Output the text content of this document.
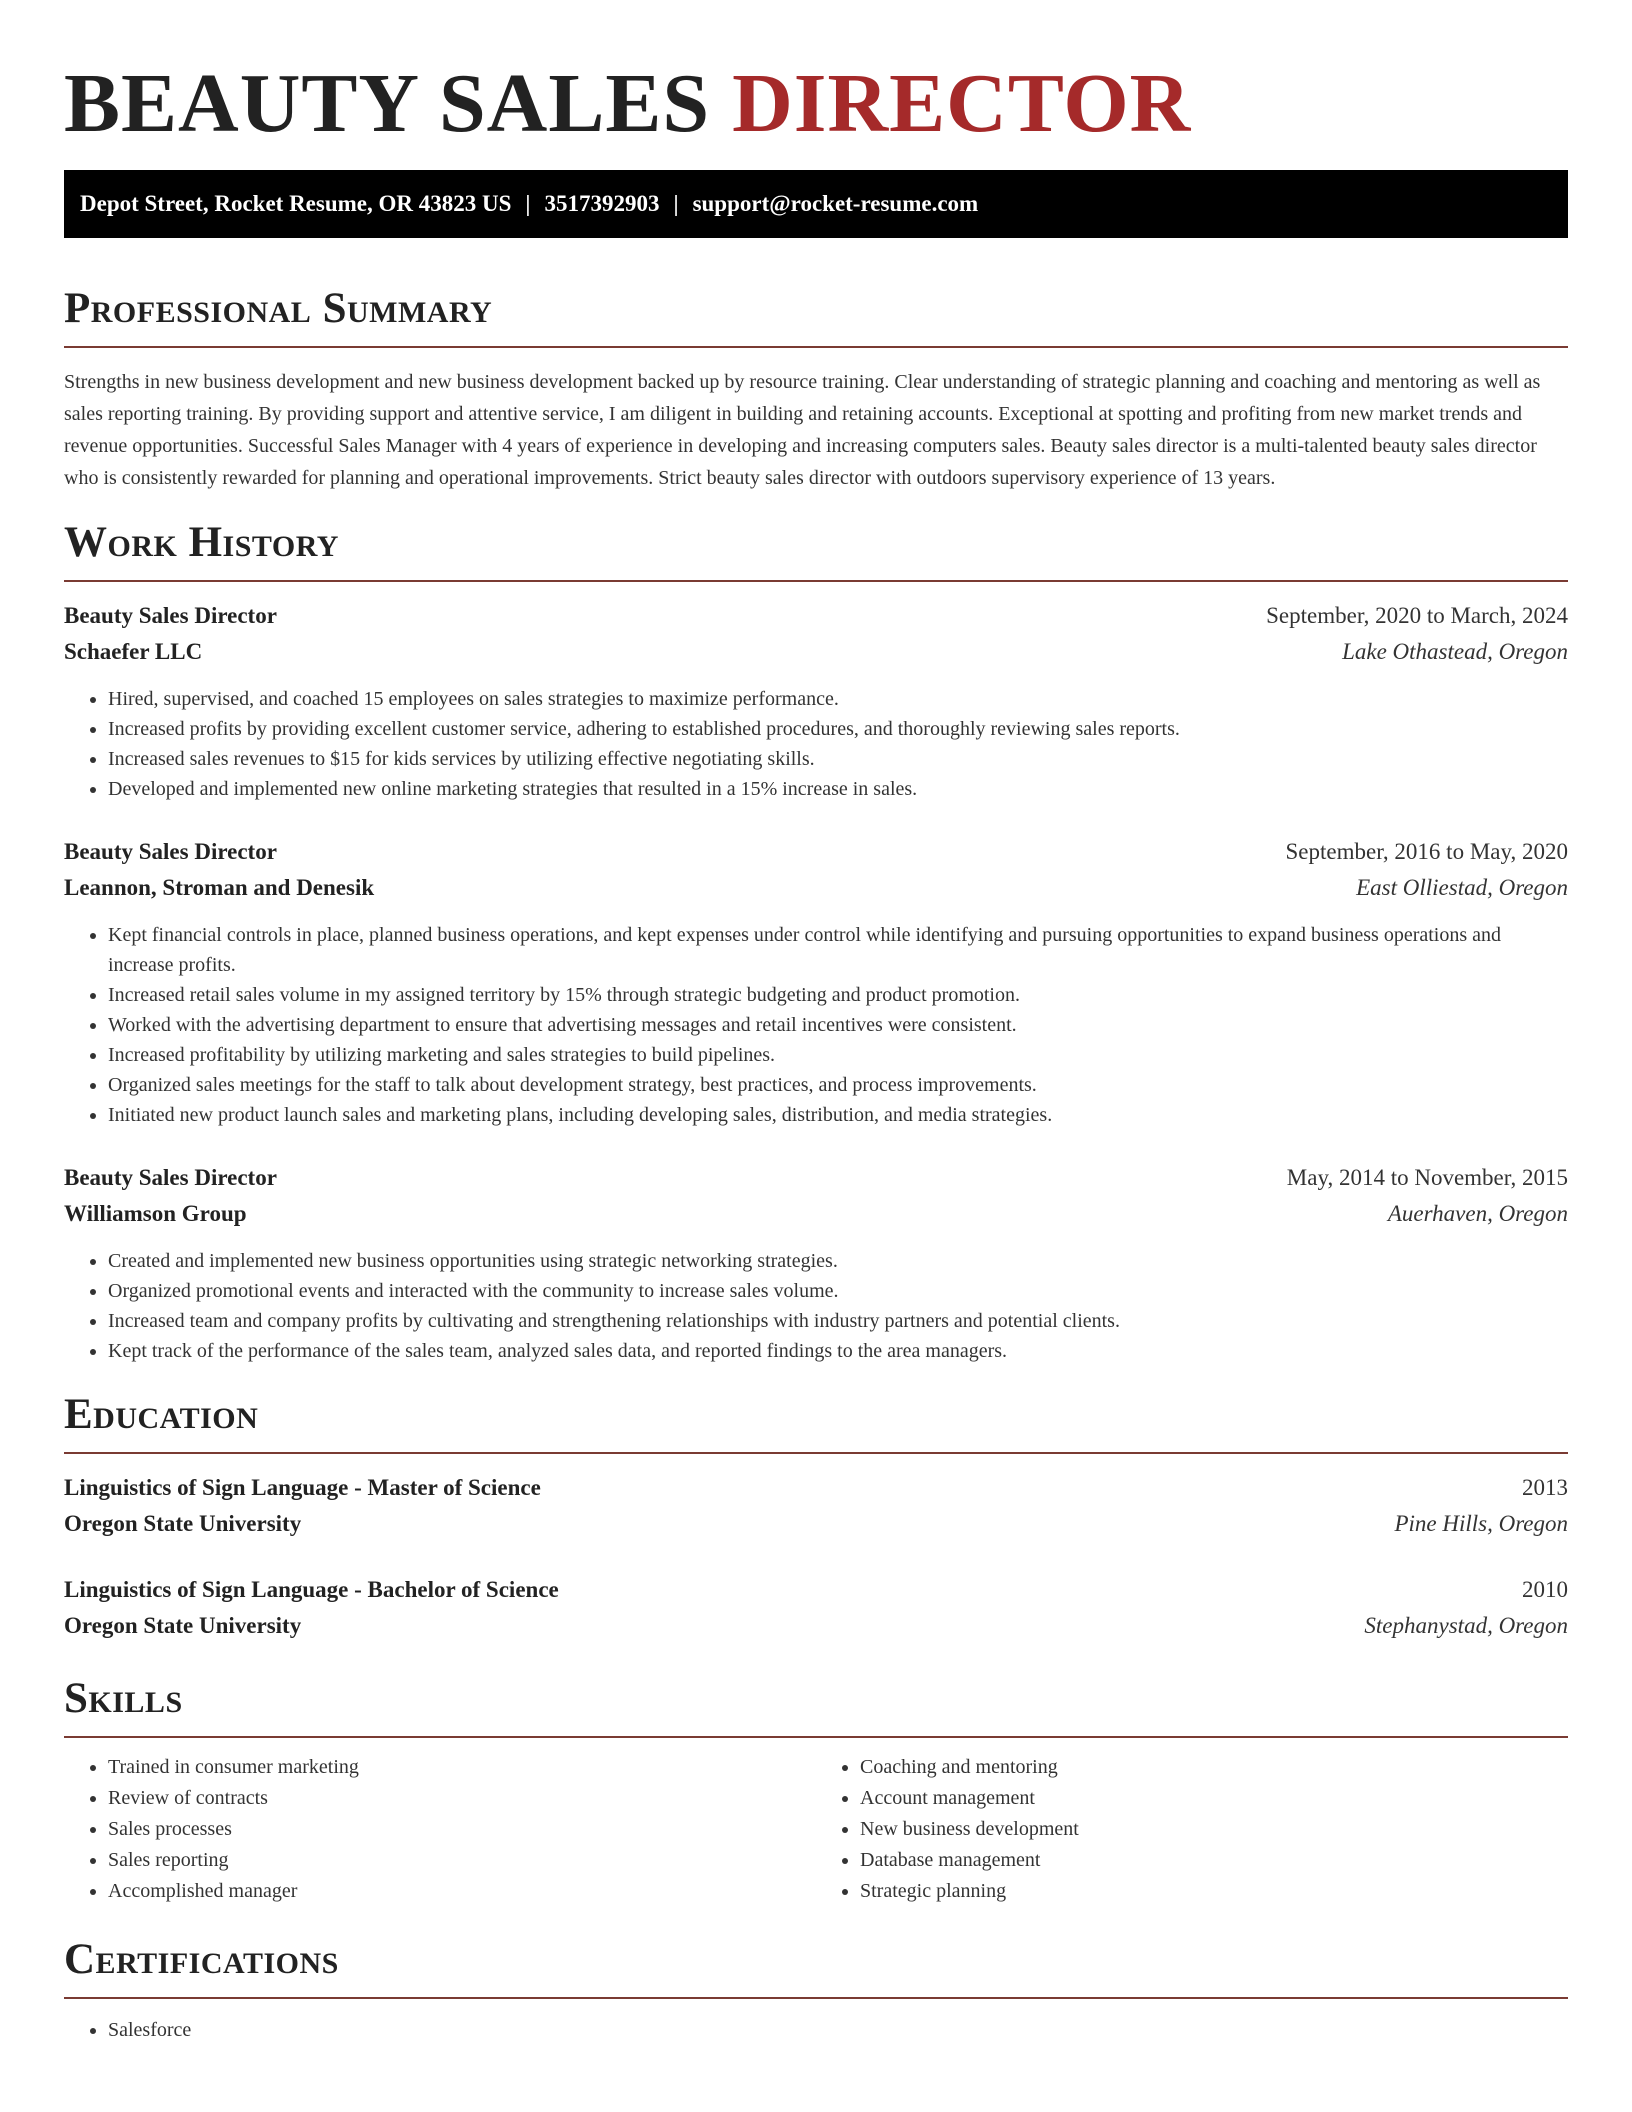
BEAUTY SALES DIRECTOR
Depot Street, Rocket Resume, OR 43823 US | 3517392903 | support@rocket-resume.com
Professional Summary

Strengths in new business development and new business development backed up by resource training. Clear understanding of strategic planning and coaching and mentoring as well as sales reporting training. By providing support and attentive service, I am diligent in building and retaining accounts. Exceptional at spotting and profiting from new market trends and revenue opportunities. Successful Sales Manager with 4 years of experience in developing and increasing computers sales. Beauty sales director is a multi-talented beauty sales director who is consistently rewarded for planning and operational improvements. Strict beauty sales director with outdoors supervisory experience of 13 years.

Work History
Beauty Sales Director	September, 2020 to March, 2024
Schaefer LLC	Lake Othastead, Oregon
• Hired, supervised, and coached 15 employees on sales strategies to maximize performance.
• Increased profits by providing excellent customer service, adhering to established procedures, and thoroughly reviewing sales reports.
• Increased sales revenues to $15 for kids services by utilizing effective negotiating skills.
• Developed and implemented new online marketing strategies that resulted in a 15% increase in sales.
Beauty Sales Director	September, 2016 to May, 2020
Leannon, Stroman and Denesik	East Olliestad, Oregon
• Kept financial controls in place, planned business operations, and kept expenses under control while identifying and pursuing opportunities to expand business operations and increase profits.
• Increased retail sales volume in my assigned territory by 15% through strategic budgeting and product promotion.
• Worked with the advertising department to ensure that advertising messages and retail incentives were consistent.
• Increased profitability by utilizing marketing and sales strategies to build pipelines.
• Organized sales meetings for the staff to talk about development strategy, best practices, and process improvements.
• Initiated new product launch sales and marketing plans, including developing sales, distribution, and media strategies.
Beauty Sales Director	May, 2014 to November, 2015
Williamson Group	Auerhaven, Oregon
• Created and implemented new business opportunities using strategic networking strategies.
• Organized promotional events and interacted with the community to increase sales volume.
• Increased team and company profits by cultivating and strengthening relationships with industry partners and potential clients.
• Kept track of the performance of the sales team, analyzed sales data, and reported findings to the area managers.
Education
Linguistics of Sign Language - Master of Science	2013
Oregon State University	Pine Hills, Oregon
Linguistics of Sign Language - Bachelor of Science	2010
Oregon State University	Stephanystad, Oregon
Skills
• Trained in consumer marketing
• Review of contracts
• Sales processes
• Sales reporting
• Accomplished manager
• Coaching and mentoring
• Account management
• New business development
• Database management
• Strategic planning
Certifications
• Salesforce
